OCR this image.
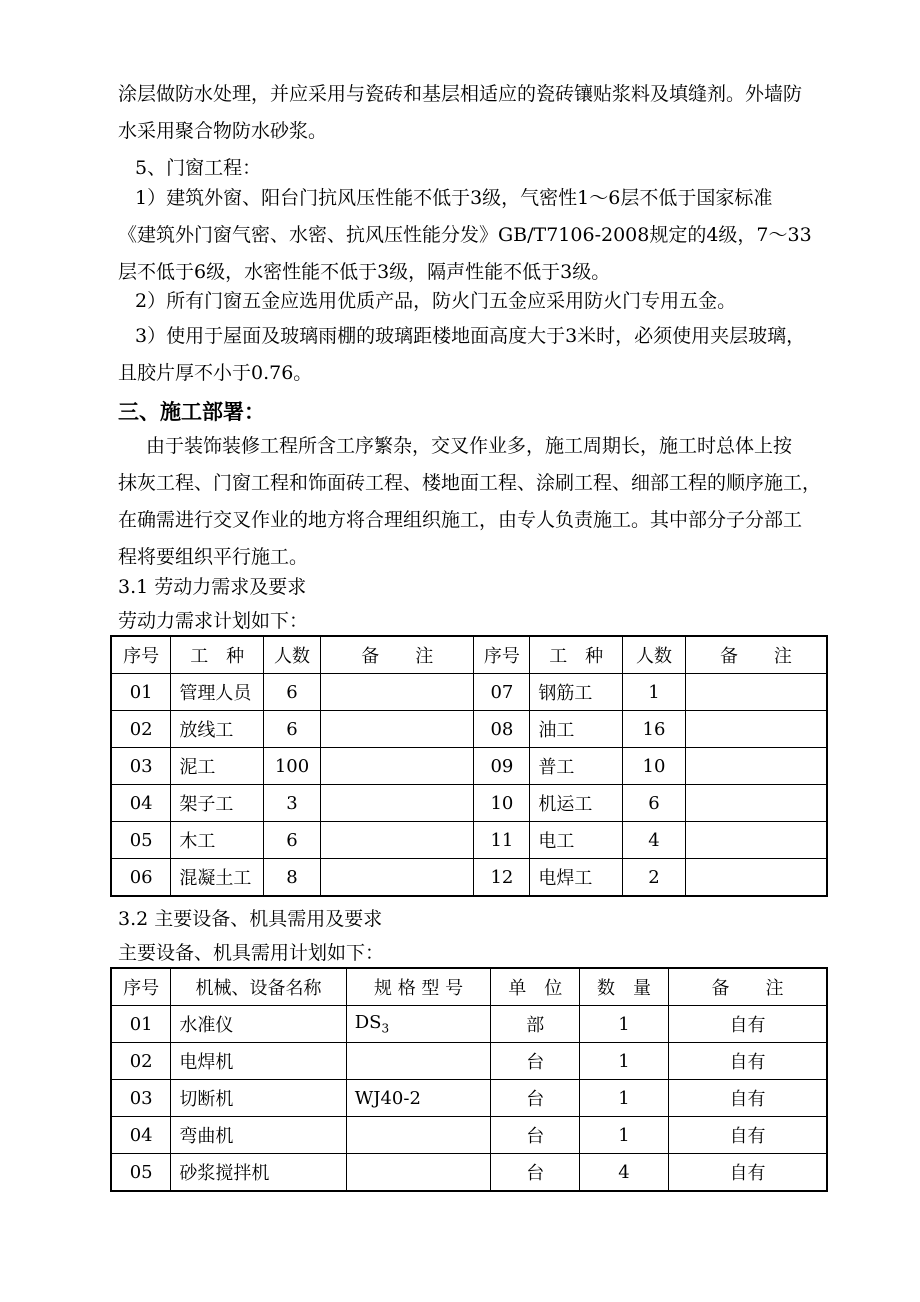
涂层做防水处理，并应采用与瓷砖和基层相适应的瓷砖镶贴浆料及填缝剂。外墙防
水采用聚合物防水砂浆。
5、门窗工程：
1）建筑外窗、阳台门抗风压性能不低于3级，气密性1～6层不低于国家标准
《建筑外门窗气密、水密、抗风压性能分发》GB/T7106-2008规定的4级，7～33
层不低于6级，水密性能不低于3级，隔声性能不低于3级。
2）所有门窗五金应选用优质产品，防火门五金应采用防火门专用五金。
3）使用于屋面及玻璃雨棚的玻璃距楼地面高度大于3米时，必须使用夹层玻璃，
且胶片厚不小于0.76。
三、施工部署：
由于装饰装修工程所含工序繁杂，交叉作业多，施工周期长，施工时总体上按
抹灰工程、门窗工程和饰面砖工程、楼地面工程、涂刷工程、细部工程的顺序施工，
在确需进行交叉作业的地方将合理组织施工，由专人负责施工。其中部分子分部工
程将要组织平行施工。
3.1 劳动力需求及要求
劳动力需求计划如下：
序号	工　种	人数	备　　注	序号	工　种	人数	备　　注
01	管理人员	6		07	钢筋工	1	
02	放线工	6		08	油工	16	
03	泥工	100		09	普工	10	
04	架子工	3		10	机运工	6	
05	木工	6		11	电工	4	
06	混凝土工	8		12	电焊工	2	
3.2 主要设备、机具需用及要求
主要设备、机具需用计划如下：
序号	机械、设备名称	规 格 型 号	单　位	数　量	备　　注
01	水准仪	$DS_3$	部	1	自有
02	电焊机		台	1	自有
03	切断机	WJ40-2	台	1	自有
04	弯曲机		台	1	自有
05	砂浆搅拌机		台	4	自有
